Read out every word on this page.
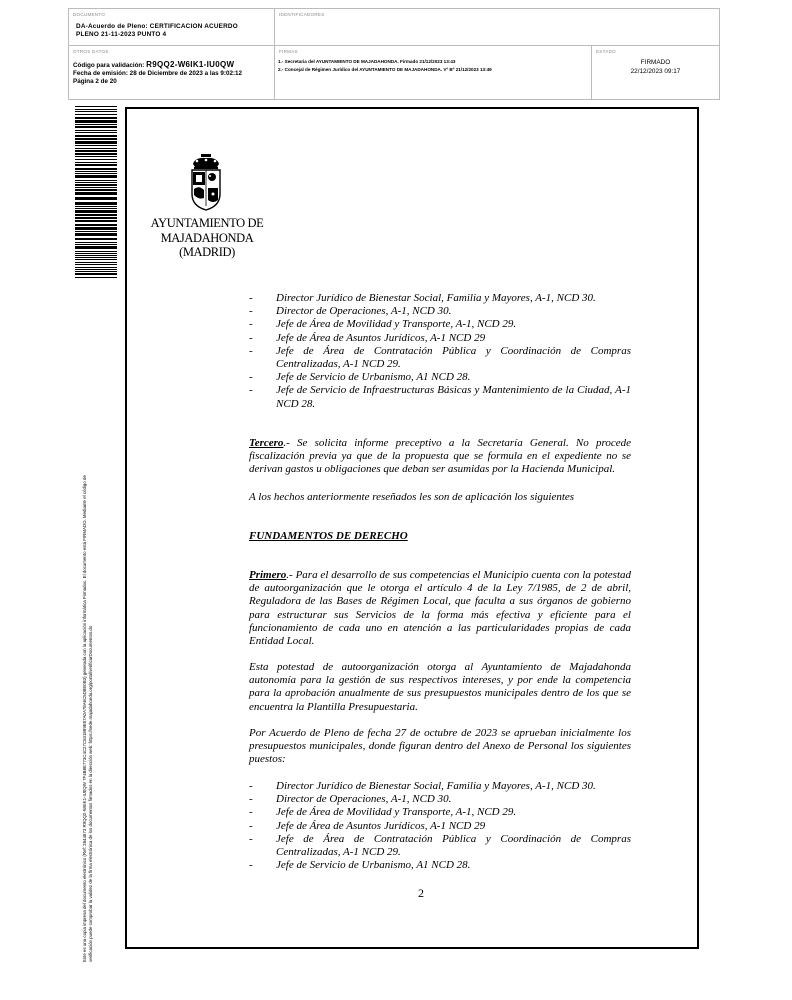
DOCUMENTO
DA-Acuerdo de Pleno: CERTIFICACION ACUERDO
PLENO 21-11-2023 PUNTO 4
IDENTIFICADORES
OTROS DATOS
Código para validación: R9QQ2-W6IK1-IU0QW
Fecha de emisión: 28 de Diciembre de 2023 a las 9:02:12
Página 2 de 20
FIRMAS
1.- Secretaria del AYUNTAMIENTO DE MAJADAHONDA. Firmado 21/12/2023 13:43
2.- Concejal de Régimen Jurídico del AYUNTAMIENTO DE MAJADAHONDA. Vº Bº 21/12/2023 13:49
ESTADO
FIRMADO
22/12/2023 09:17
Este es una copia impresa del documento electrónico (Ref: 2844573 R9QQ2-W6IK1-IU0QW 7F4B8E773C4C27C531889E57A0A78A6C5D8E0B3) generada con la aplicación informática Firmadoc. El documento está FIRMADO. Mediante el código de verificación puede comprobar la validez de la firma electrónica de los documentos firmados en la dirección web: https://sede.majadahonda.org/portal/verificarDocumentos.do
AYUNTAMIENTO DE
MAJADAHONDA
(MADRID)
-	Director Jurídico de Bienestar Social, Familia y Mayores, A-1, NCD 30.
-	Director de Operaciones, A-1, NCD 30.
-	Jefe de Área de Movilidad y Transporte, A-1, NCD 29.
-	Jefe de Área de Asuntos Jurídicos, A-1 NCD 29
-	Jefe de Área de Contratación Pública y Coordinación de Compras Centralizadas, A-1 NCD 29.
-	Jefe de Servicio de Urbanismo, A1 NCD 28.
-	Jefe de Servicio de Infraestructuras Básicas y Mantenimiento de la Ciudad, A-1 NCD 28.
Tercero.- Se solicita informe preceptivo a la Secretaría General. No procede fiscalización previa ya que de la propuesta que se formula en el expediente no se derivan gastos u obligaciones que deban ser asumidas por la Hacienda Municipal.
A los hechos anteriormente reseñados les son de aplicación los siguientes
FUNDAMENTOS DE DERECHO
Primero.- Para el desarrollo de sus competencias el Municipio cuenta con la potestad de autoorganización que le otorga el artículo 4 de la Ley 7/1985, de 2 de abril, Reguladora de las Bases de Régimen Local, que faculta a sus órganos de gobierno para estructurar sus Servicios de la forma más efectiva y eficiente para el funcionamiento de cada uno en atención a las particularidades propias de cada Entidad Local.
Esta potestad de autoorganización otorga al Ayuntamiento de Majadahonda autonomía para la gestión de sus respectivos intereses, y por ende la competencia para la aprobación anualmente de sus presupuestos municipales dentro de los que se encuentra la Plantilla Presupuestaria.
Por Acuerdo de Pleno de fecha 27 de octubre de 2023 se aprueban inicialmente los presupuestos municipales, donde figuran dentro del Anexo de Personal los siguientes puestos:
-	Director Jurídico de Bienestar Social, Familia y Mayores, A-1, NCD 30.
-	Director de Operaciones, A-1, NCD 30.
-	Jefe de Área de Movilidad y Transporte, A-1, NCD 29.
-	Jefe de Área de Asuntos Jurídicos, A-1 NCD 29
-	Jefe de Área de Contratación Pública y Coordinación de Compras Centralizadas, A-1 NCD 29.
-	Jefe de Servicio de Urbanismo, A1 NCD 28.
2
